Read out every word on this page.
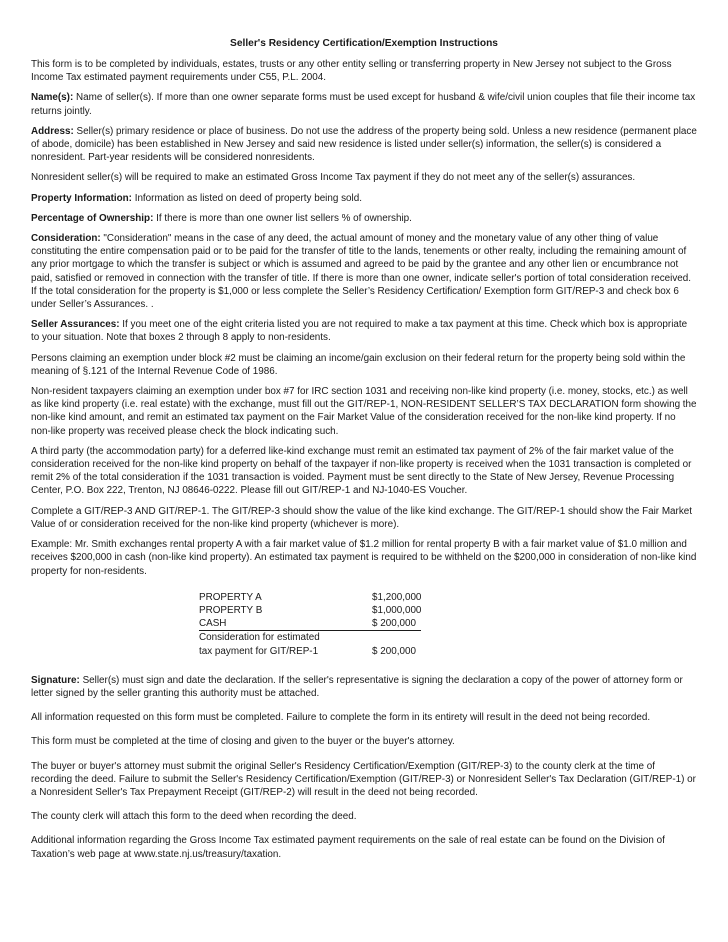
Seller's Residency Certification/Exemption Instructions

This form is to be completed by individuals, estates, trusts or any other entity selling or transferring property in New Jersey not subject to the Gross Income Tax estimated payment requirements under C55, P.L. 2004.

Name(s): Name of seller(s). If more than one owner separate forms must be used except for husband & wife/civil union couples that file their income tax returns jointly.

Address: Seller(s) primary residence or place of business. Do not use the address of the property being sold. Unless a new residence (permanent place of abode, domicile) has been established in New Jersey and said new residence is listed under seller(s) information, the seller(s) is considered a nonresident. Part-year residents will be considered nonresidents.

Nonresident seller(s) will be required to make an estimated Gross Income Tax payment if they do not meet any of the seller(s) assurances.

Property Information: Information as listed on deed of property being sold.

Percentage of Ownership: If there is more than one owner list sellers % of ownership.

Consideration: "Consideration" means in the case of any deed, the actual amount of money and the monetary value of any other thing of value constituting the entire compensation paid or to be paid for the transfer of title to the lands, tenements or other realty, including the remaining amount of any prior mortgage to which the transfer is subject or which is assumed and agreed to be paid by the grantee and any other lien or encumbrance not paid, satisfied or removed in connection with the transfer of title. If there is more than one owner, indicate seller's portion of total consideration received. If the total consideration for the property is $1,000 or less complete the Seller’s Residency Certification/ Exemption form GIT/REP-3 and check box 6 under Seller’s Assurances. .

Seller Assurances: If you meet one of the eight criteria listed you are not required to make a tax payment at this time. Check which box is appropriate to your situation. Note that boxes 2 through 8 apply to non-residents.

Persons claiming an exemption under block #2 must be claiming an income/gain exclusion on their federal return for the property being sold within the meaning of §.121 of the Internal Revenue Code of 1986.

Non-resident taxpayers claiming an exemption under box #7 for IRC section 1031 and receiving non-like kind property (i.e. money, stocks, etc.) as well as like kind property (i.e. real estate) with the exchange, must fill out the GIT/REP-1, NON-RESIDENT SELLER’S TAX DECLARATION form showing the non-like kind amount, and remit an estimated tax payment on the Fair Market Value of the consideration received for the non-like kind property. If no non-like property was received please check the block indicating such.

A third party (the accommodation party) for a deferred like-kind exchange must remit an estimated tax payment of 2% of the fair market value of the consideration received for the non-like kind property on behalf of the taxpayer if non-like property is received when the 1031 transaction is completed or remit 2% of the total consideration if the 1031 transaction is voided. Payment must be sent directly to the State of New Jersey, Revenue Processing Center, P.O. Box 222, Trenton, NJ 08646-0222. Please fill out GIT/REP-1 and NJ-1040-ES Voucher.

Complete a GIT/REP-3 AND GIT/REP-1. The GIT/REP-3 should show the value of the like kind exchange. The GIT/REP-1 should show the Fair Market Value of or consideration received for the non-like kind property (whichever is more).

Example: Mr. Smith exchanges rental property A with a fair market value of $1.2 million for rental property B with a fair market value of $1.0 million and receives $200,000 in cash (non-like kind property). An estimated tax payment is required to be withheld on the $200,000 in consideration of non-like kind property for non-residents.

PROPERTY A	$1,200,000
PROPERTY B	$1,000,000
CASH	$ 200,000
Consideration for estimated	
tax payment for GIT/REP-1	$ 200,000

Signature: Seller(s) must sign and date the declaration. If the seller's representative is signing the declaration a copy of the power of attorney form or letter signed by the seller granting this authority must be attached.

All information requested on this form must be completed. Failure to complete the form in its entirety will result in the deed not being recorded.

This form must be completed at the time of closing and given to the buyer or the buyer's attorney.

The buyer or buyer's attorney must submit the original Seller's Residency Certification/Exemption (GIT/REP-3) to the county clerk at the time of recording the deed. Failure to submit the Seller's Residency Certification/Exemption (GIT/REP-3) or Nonresident Seller's Tax Declaration (GIT/REP-1) or a Nonresident Seller's Tax Prepayment Receipt (GIT/REP-2) will result in the deed not being recorded.

The county clerk will attach this form to the deed when recording the deed.

Additional information regarding the Gross Income Tax estimated payment requirements on the sale of real estate can be found on the Division of Taxation’s web page at www.state.nj.us/treasury/taxation.
